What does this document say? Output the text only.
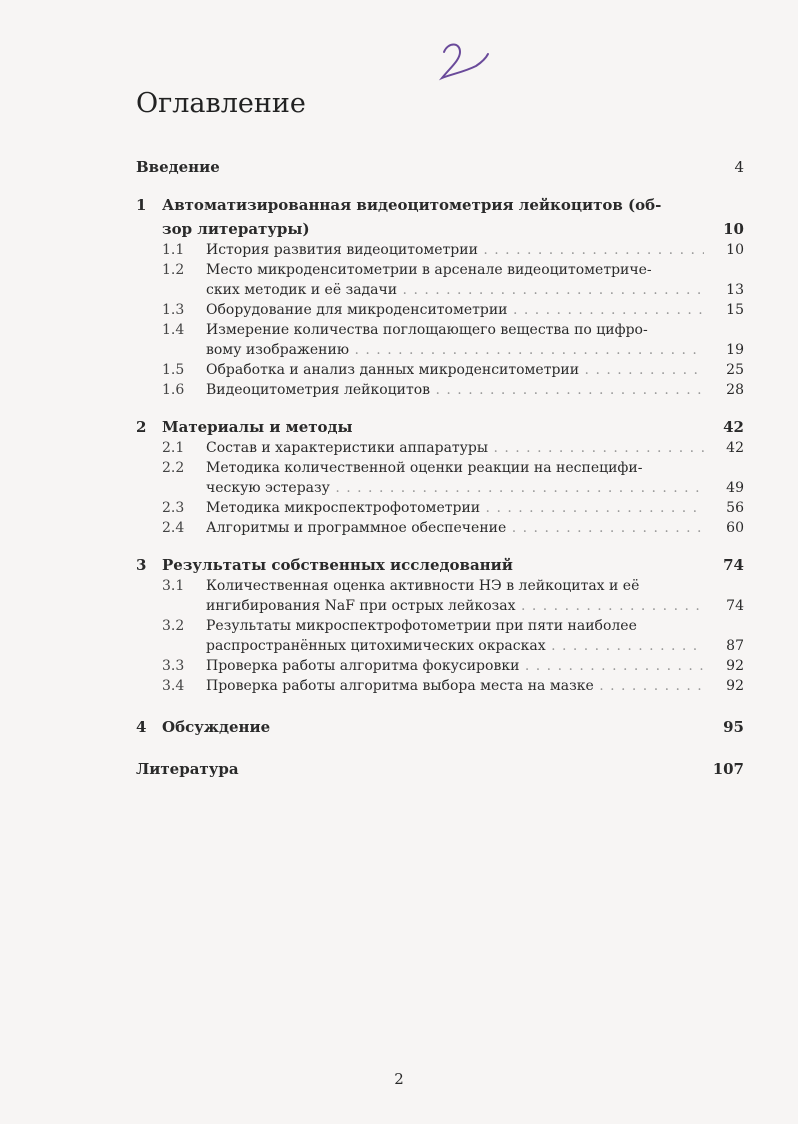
Оглавление
Введение	4
1	Автоматизированная видеоцитометрия лейкоцитов (об-
зор литературы)	10
1.1	История развития видеоцитометрии . . .	10
1.2	Место микроденситометрии в арсенале видеоцитометриче-
ских методик и её задачи . . .	13
1.3	Оборудование для микроденситометрии . . .	15
1.4	Измерение количества поглощающего вещества по цифро-
вому изображению . . .	19
1.5	Обработка и анализ данных микроденситометрии . . .	25
1.6	Видеоцитометрия лейкоцитов . . .	28
2	Материалы и методы	42
2.1	Состав и характеристики аппаратуры . . .	42
2.2	Методика количественной оценки реакции на неспецифи-
ческую эстеразу . . .	49
2.3	Методика микроспектрофотометрии . . .	56
2.4	Алгоритмы и программное обеспечение . . .	60
3	Результаты собственных исследований	74
3.1	Количественная оценка активности НЭ в лейкоцитах и её
ингибирования NaF при острых лейкозах . . .	74
3.2	Результаты микроспектрофотометрии при пяти наиболее
распространённых цитохимических окрасках . . .	87
3.3	Проверка работы алгоритма фокусировки . . .	92
3.4	Проверка работы алгоритма выбора места на мазке . . .	92
4	Обсуждение	95
Литература	107
2
